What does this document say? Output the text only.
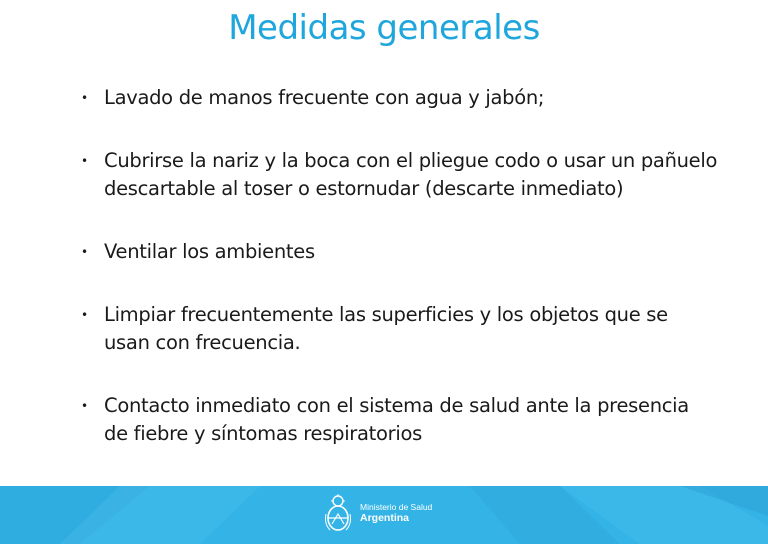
Medidas generales
• Lavado de manos frecuente con agua y jabón;
• Cubrirse la nariz y la boca con el pliegue codo o usar un pañuelo descartable al toser o estornudar (descarte inmediato)
• Ventilar los ambientes
• Limpiar frecuentemente las superficies y los objetos que se usan con frecuencia.
• Contacto inmediato con el sistema de salud ante la presencia de fiebre y síntomas respiratorios
Ministerio de Salud
Argentina
